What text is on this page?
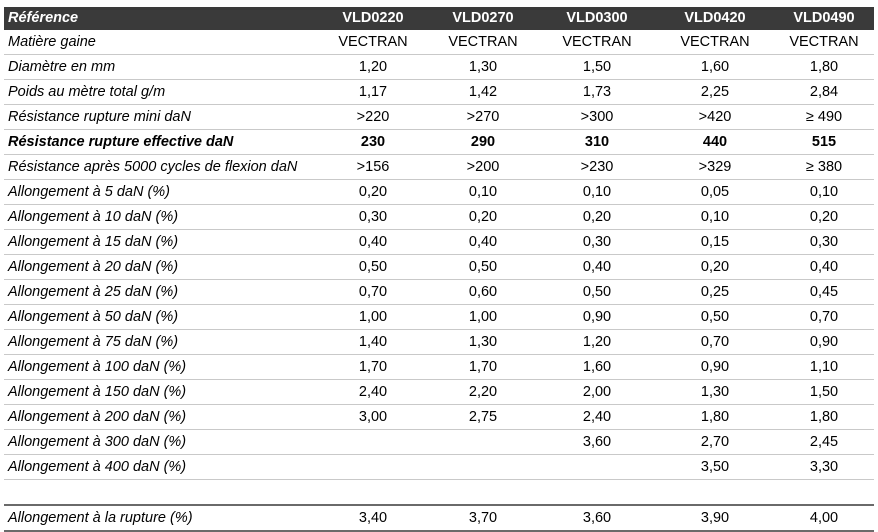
Référence	VLD0220	VLD0270	VLD0300	VLD0420	VLD0490
Matière gaine	VECTRAN	VECTRAN	VECTRAN	VECTRAN	VECTRAN
Diamètre en mm	1,20	1,30	1,50	1,60	1,80
Poids au mètre total g/m	1,17	1,42	1,73	2,25	2,84
Résistance rupture mini daN	>220	>270	>300	>420	≥ 490
Résistance rupture effective daN	230	290	310	440	515
Résistance après 5000 cycles de flexion daN	>156	>200	>230	>329	≥ 380
Allongement à 5 daN (%)	0,20	0,10	0,10	0,05	0,10
Allongement à 10 daN (%)	0,30	0,20	0,20	0,10	0,20
Allongement à 15 daN (%)	0,40	0,40	0,30	0,15	0,30
Allongement à 20 daN (%)	0,50	0,50	0,40	0,20	0,40
Allongement à 25 daN (%)	0,70	0,60	0,50	0,25	0,45
Allongement à 50 daN (%)	1,00	1,00	0,90	0,50	0,70
Allongement à 75 daN (%)	1,40	1,30	1,20	0,70	0,90
Allongement à 100 daN (%)	1,70	1,70	1,60	0,90	1,10
Allongement à 150 daN (%)	2,40	2,20	2,00	1,30	1,50
Allongement à 200 daN (%)	3,00	2,75	2,40	1,80	1,80
Allongement à 300 daN (%)			3,60	2,70	2,45
Allongement à 400 daN (%)				3,50	3,30

Allongement à la rupture (%)	3,40	3,70	3,60	3,90	4,00
